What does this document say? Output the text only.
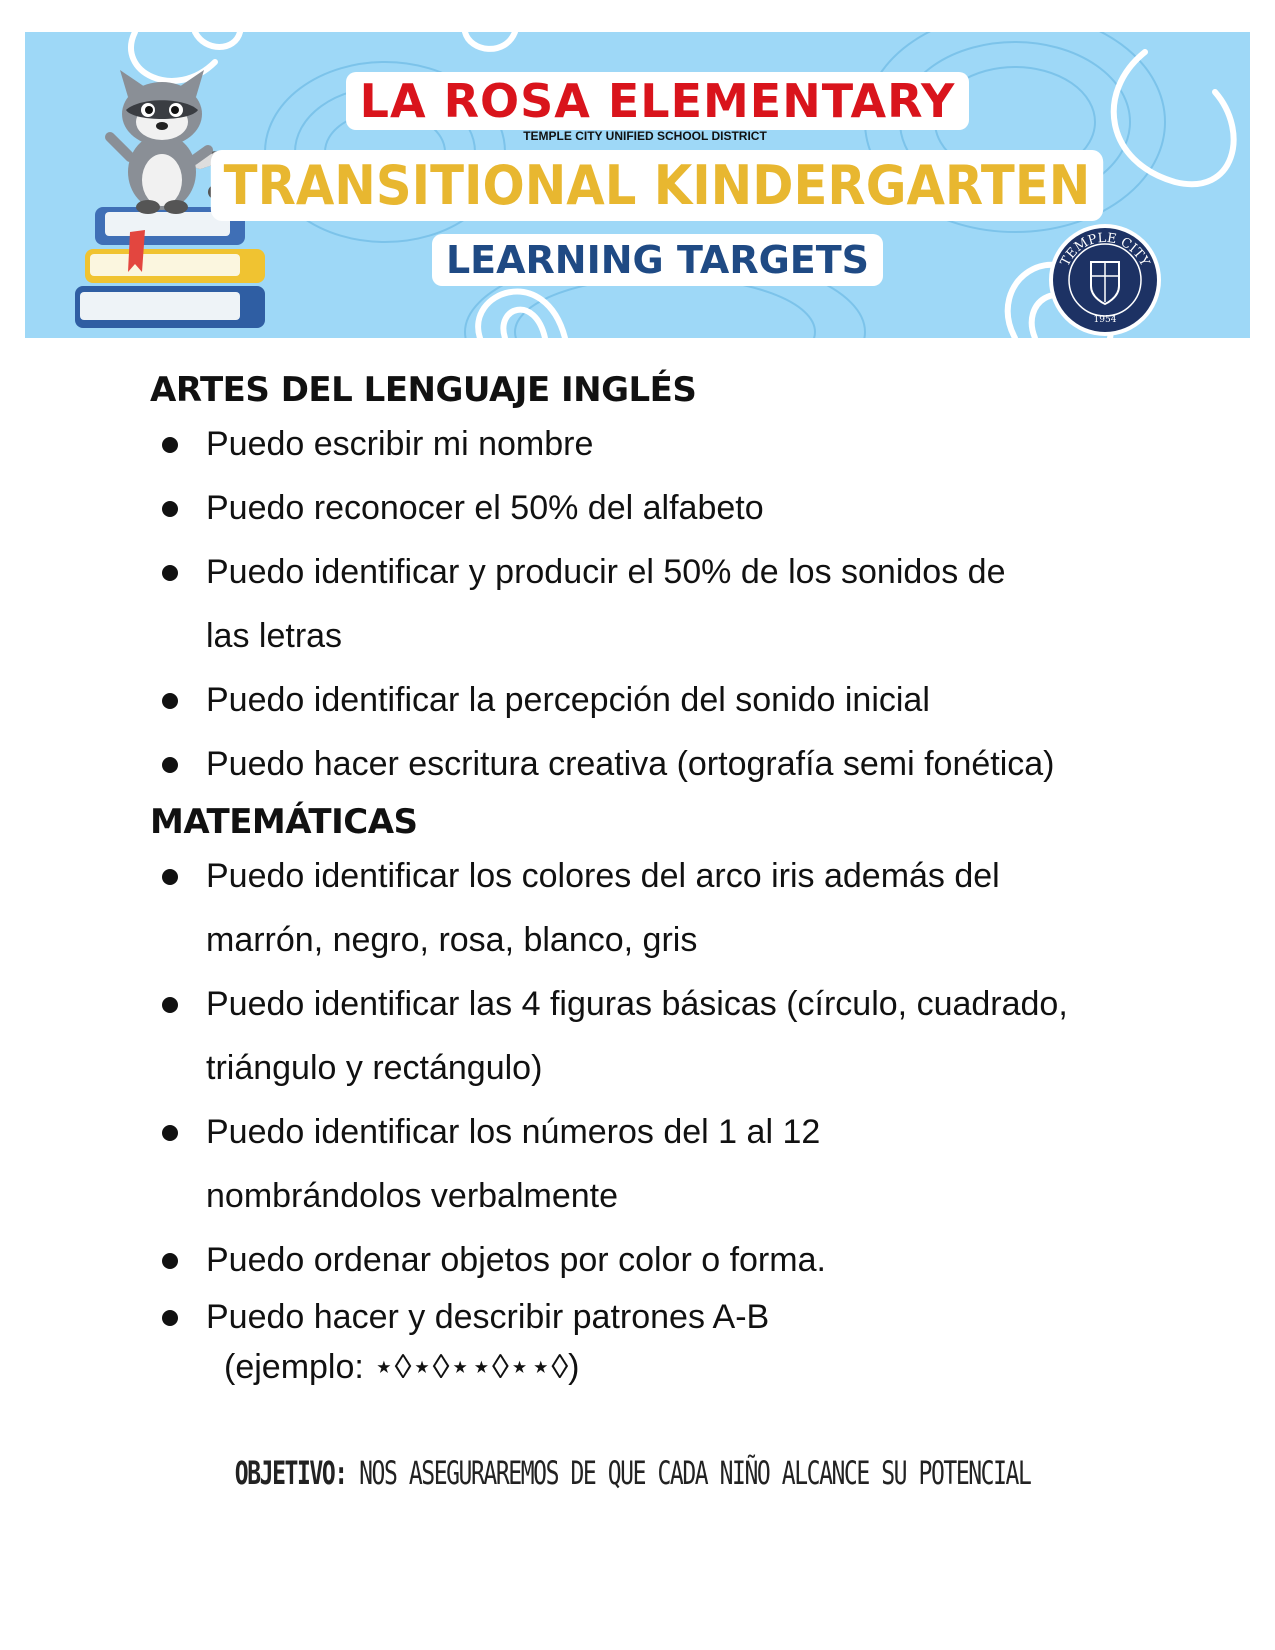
LA ROSA ELEMENTARY
TEMPLE CITY UNIFIED SCHOOL DISTRICT
TRANSITIONAL KINDERGARTEN
LEARNING TARGETS	TEMPLE CITY
1954
ARTES DEL LENGUAJE INGLÉS
Puedo escribir mi nombre
Puedo reconocer el 50% del alfabeto
Puedo identificar y producir el 50% de los sonidos de las letras
Puedo identificar la percepción del sonido inicial
Puedo hacer escritura creativa (ortografía semi fonética)
MATEMÁTICAS
Puedo identificar los colores del arco iris además del marrón, negro, rosa, blanco, gris
Puedo identificar las 4 figuras básicas (círculo, cuadrado, triángulo y rectángulo)
Puedo identificar los números del 1 al 12 nombrándolos verbalmente
Puedo ordenar objetos por color o forma.
Puedo hacer y describir patrones A-B
(ejemplo: ⋆◊⋆◊⋆⋆◊⋆⋆◊)
OBJETIVO: NOS ASEGURAREMOS DE QUE CADA NIÑO ALCANCE SU POTENCIAL
